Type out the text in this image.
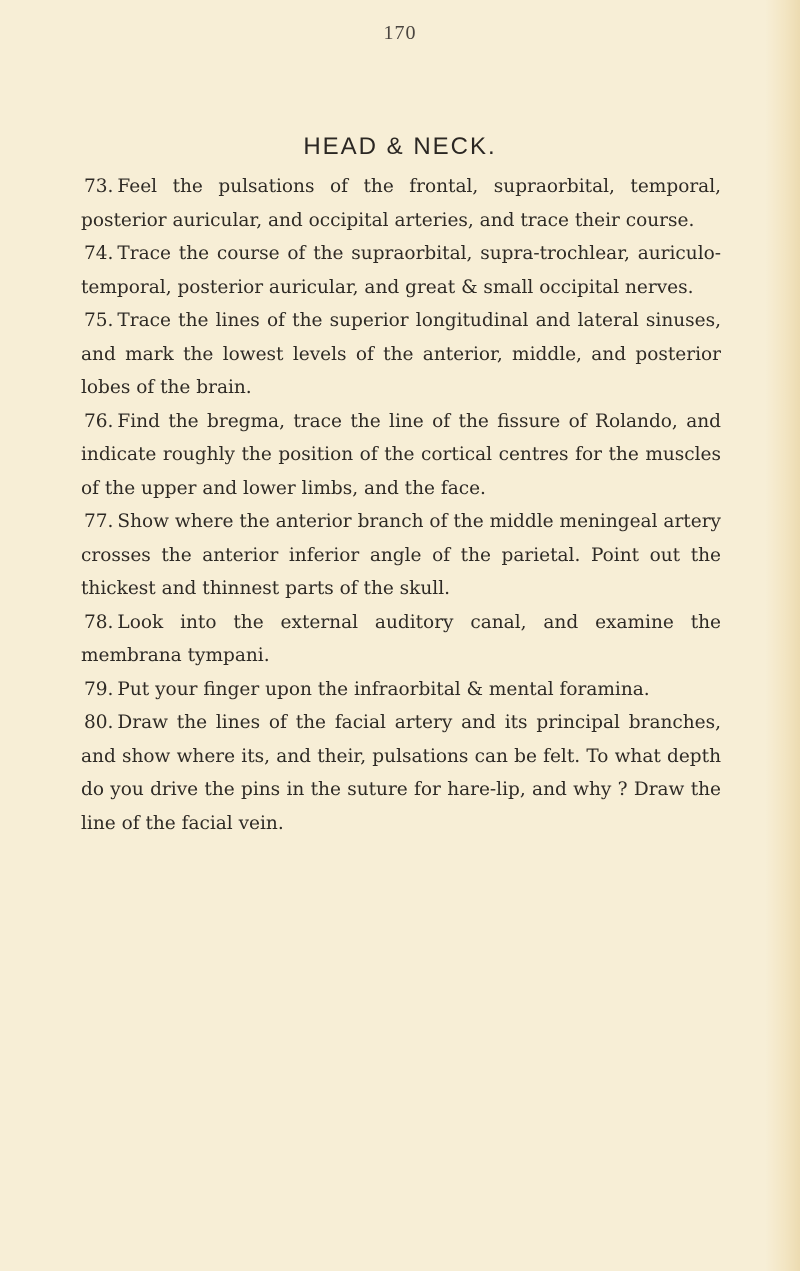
170
HEAD & NECK.

73. Feel the pulsations of the frontal, supraorbital, temporal, posterior auricular, and occipital arteries, and trace their course.

74. Trace the course of the supraorbital, supra-trochlear, auriculo-temporal, posterior auricular, and great & small occipital nerves.

75. Trace the lines of the superior longitudinal and lateral sinuses, and mark the lowest levels of the anterior, middle, and posterior lobes of the brain.

76. Find the bregma, trace the line of the fissure of Rolando, and indicate roughly the position of the cortical centres for the muscles of the upper and lower limbs, and the face.

77. Show where the anterior branch of the middle meningeal artery crosses the anterior inferior angle of the parietal. Point out the thickest and thinnest parts of the skull.

78. Look into the external auditory canal, and examine the membrana tympani.

79. Put your finger upon the infraorbital & mental foramina.

80. Draw the lines of the facial artery and its principal branches, and show where its, and their, pulsations can be felt. To what depth do you drive the pins in the suture for hare-lip, and why ? Draw the line of the facial vein.
